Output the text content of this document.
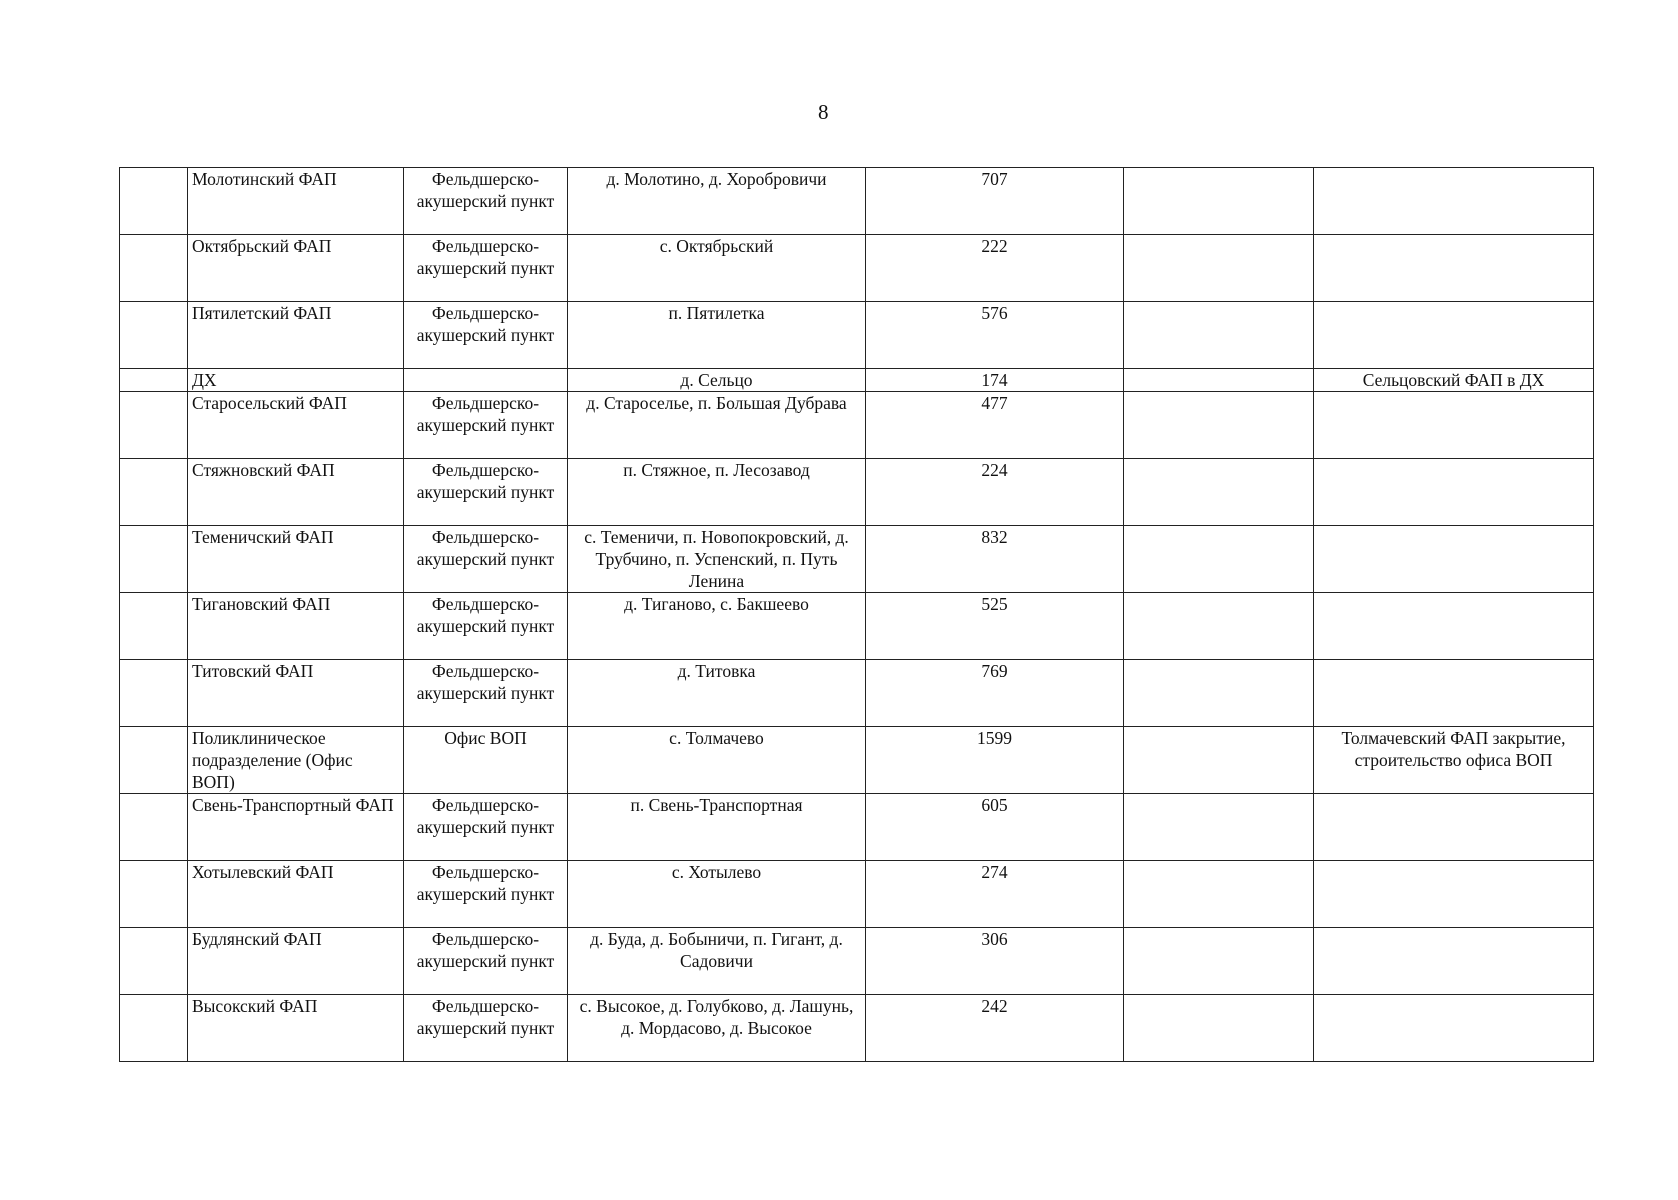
8
	Молотинский ФАП	Фельдшерско-акушерский пункт	д. Молотино, д. Хоробровичи	707		
	Октябрьский ФАП	Фельдшерско-акушерский пункт	с. Октябрьский	222		
	Пятилетский ФАП	Фельдшерско-акушерский пункт	п. Пятилетка	576		
	ДХ		д. Сельцо	174		Сельцовский ФАП в ДХ
	Старосельский ФАП	Фельдшерско-акушерский пункт	д. Староселье, п. Большая Дубрава	477		
	Стяжновский ФАП	Фельдшерско-акушерский пункт	п. Стяжное, п. Лесозавод	224		
	Теменичский ФАП	Фельдшерско-акушерский пункт	с. Теменичи, п. Новопокровский, д. Трубчино, п. Успенский, п. Путь Ленина	832		
	Тигановский ФАП	Фельдшерско-акушерский пункт	д. Тиганово, с. Бакшеево	525		
	Титовский ФАП	Фельдшерско-акушерский пункт	д. Титовка	769		
	Поликлиническое подразделение (Офис ВОП)	Офис ВОП	с. Толмачево	1599		Толмачевский ФАП закрытие, строительство офиса ВОП
	Свень-Транспортный ФАП	Фельдшерско-акушерский пункт	п. Свень-Транспортная	605		
	Хотылевский ФАП	Фельдшерско-акушерский пункт	с. Хотылево	274		
	Будлянский ФАП	Фельдшерско-акушерский пункт	д. Буда, д. Бобыничи, п. Гигант, д. Садовичи	306		
	Высокский ФАП	Фельдшерско-акушерский пункт	с. Высокое, д. Голубково, д. Лашунь, д. Мордасово, д. Высокое	242		
